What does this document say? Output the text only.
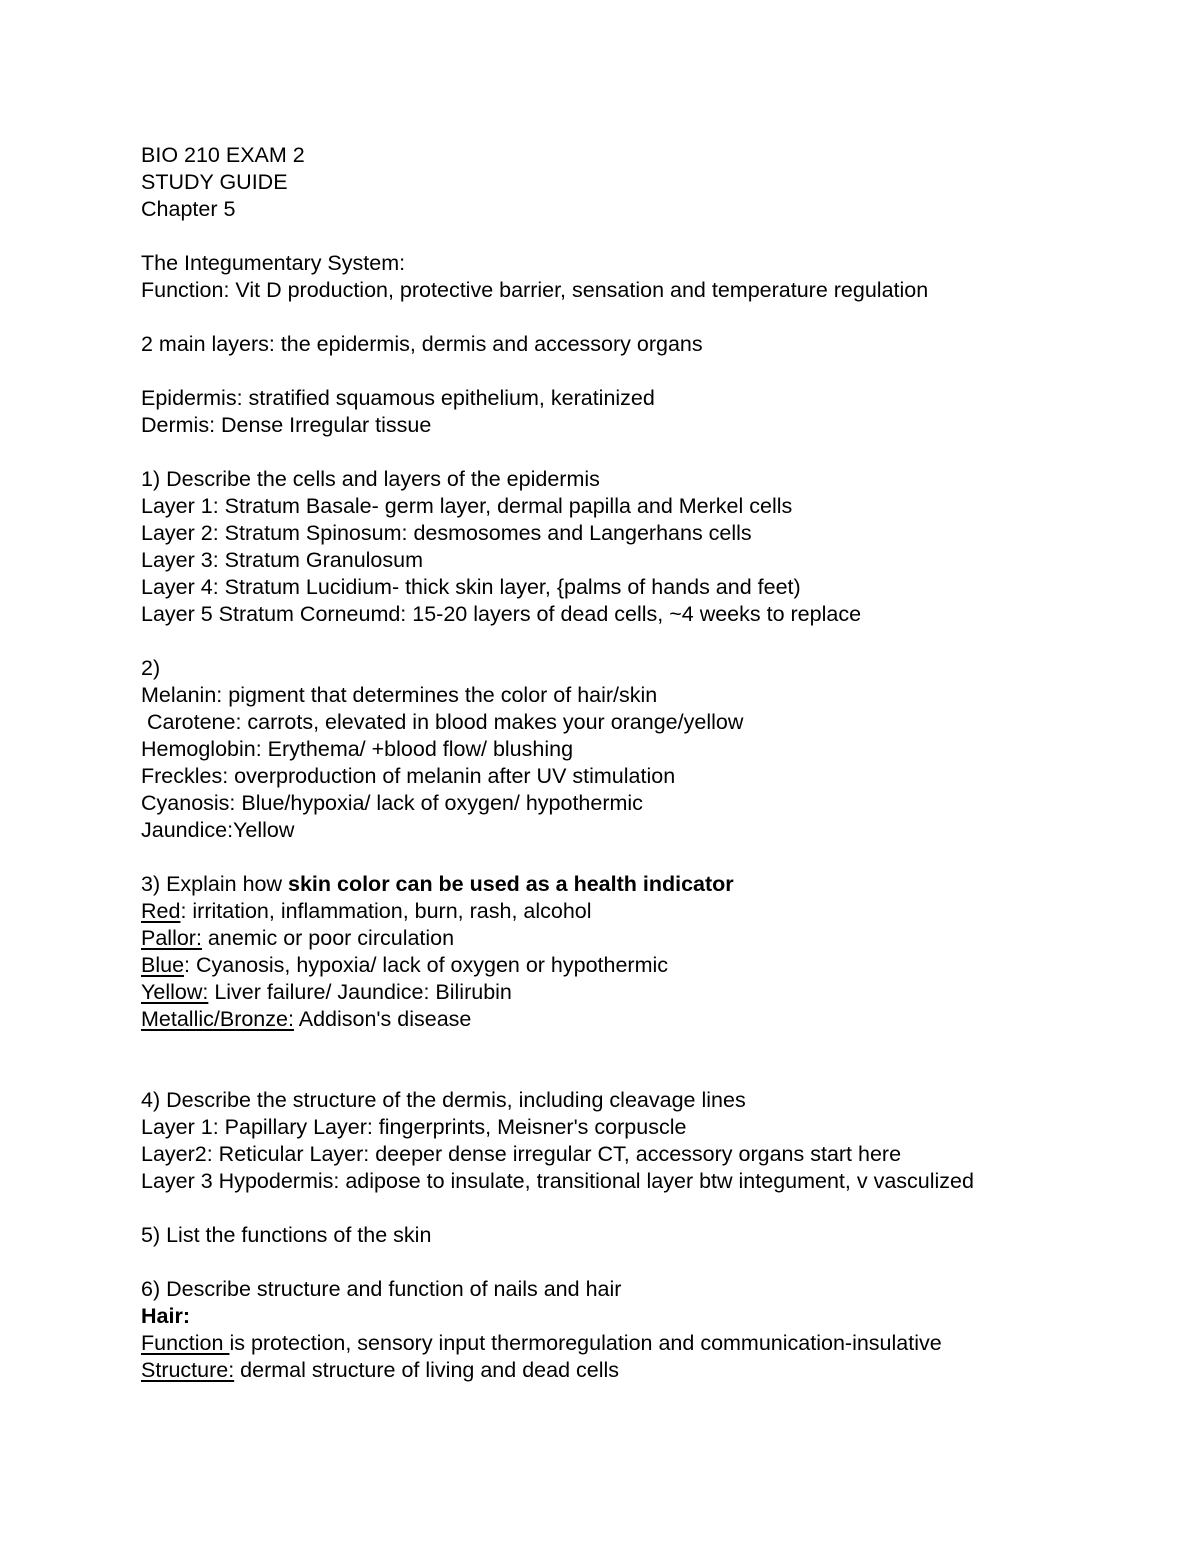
BIO 210 EXAM 2
STUDY GUIDE
Chapter 5
The Integumentary System:
Function: Vit D production, protective barrier, sensation and temperature regulation
2 main layers: the epidermis, dermis and accessory organs
Epidermis: stratified squamous epithelium, keratinized
Dermis: Dense Irregular tissue
1) Describe the cells and layers of the epidermis
Layer 1: Stratum Basale- germ layer, dermal papilla and Merkel cells
Layer 2: Stratum Spinosum: desmosomes and Langerhans cells
Layer 3: Stratum Granulosum
Layer 4: Stratum Lucidium- thick skin layer, {palms of hands and feet)
Layer 5 Stratum Corneumd: 15-20 layers of dead cells, ~4 weeks to replace
2)
Melanin: pigment that determines the color of hair/skin
Carotene: carrots, elevated in blood makes your orange/yellow
Hemoglobin: Erythema/ +blood flow/ blushing
Freckles: overproduction of melanin after UV stimulation
Cyanosis: Blue/hypoxia/ lack of oxygen/ hypothermic
Jaundice:Yellow
3) Explain how skin color can be used as a health indicator
Red: irritation, inflammation, burn, rash, alcohol
Pallor: anemic or poor circulation
Blue: Cyanosis, hypoxia/ lack of oxygen or hypothermic
Yellow: Liver failure/ Jaundice: Bilirubin
Metallic/Bronze: Addison's disease
4) Describe the structure of the dermis, including cleavage lines
Layer 1: Papillary Layer: fingerprints, Meisner's corpuscle
Layer2: Reticular Layer: deeper dense irregular CT, accessory organs start here
Layer 3 Hypodermis: adipose to insulate, transitional layer btw integument, v vasculized
5) List the functions of the skin
6) Describe structure and function of nails and hair
Hair:
Function is protection, sensory input thermoregulation and communication-insulative
Structure: dermal structure of living and dead cells
